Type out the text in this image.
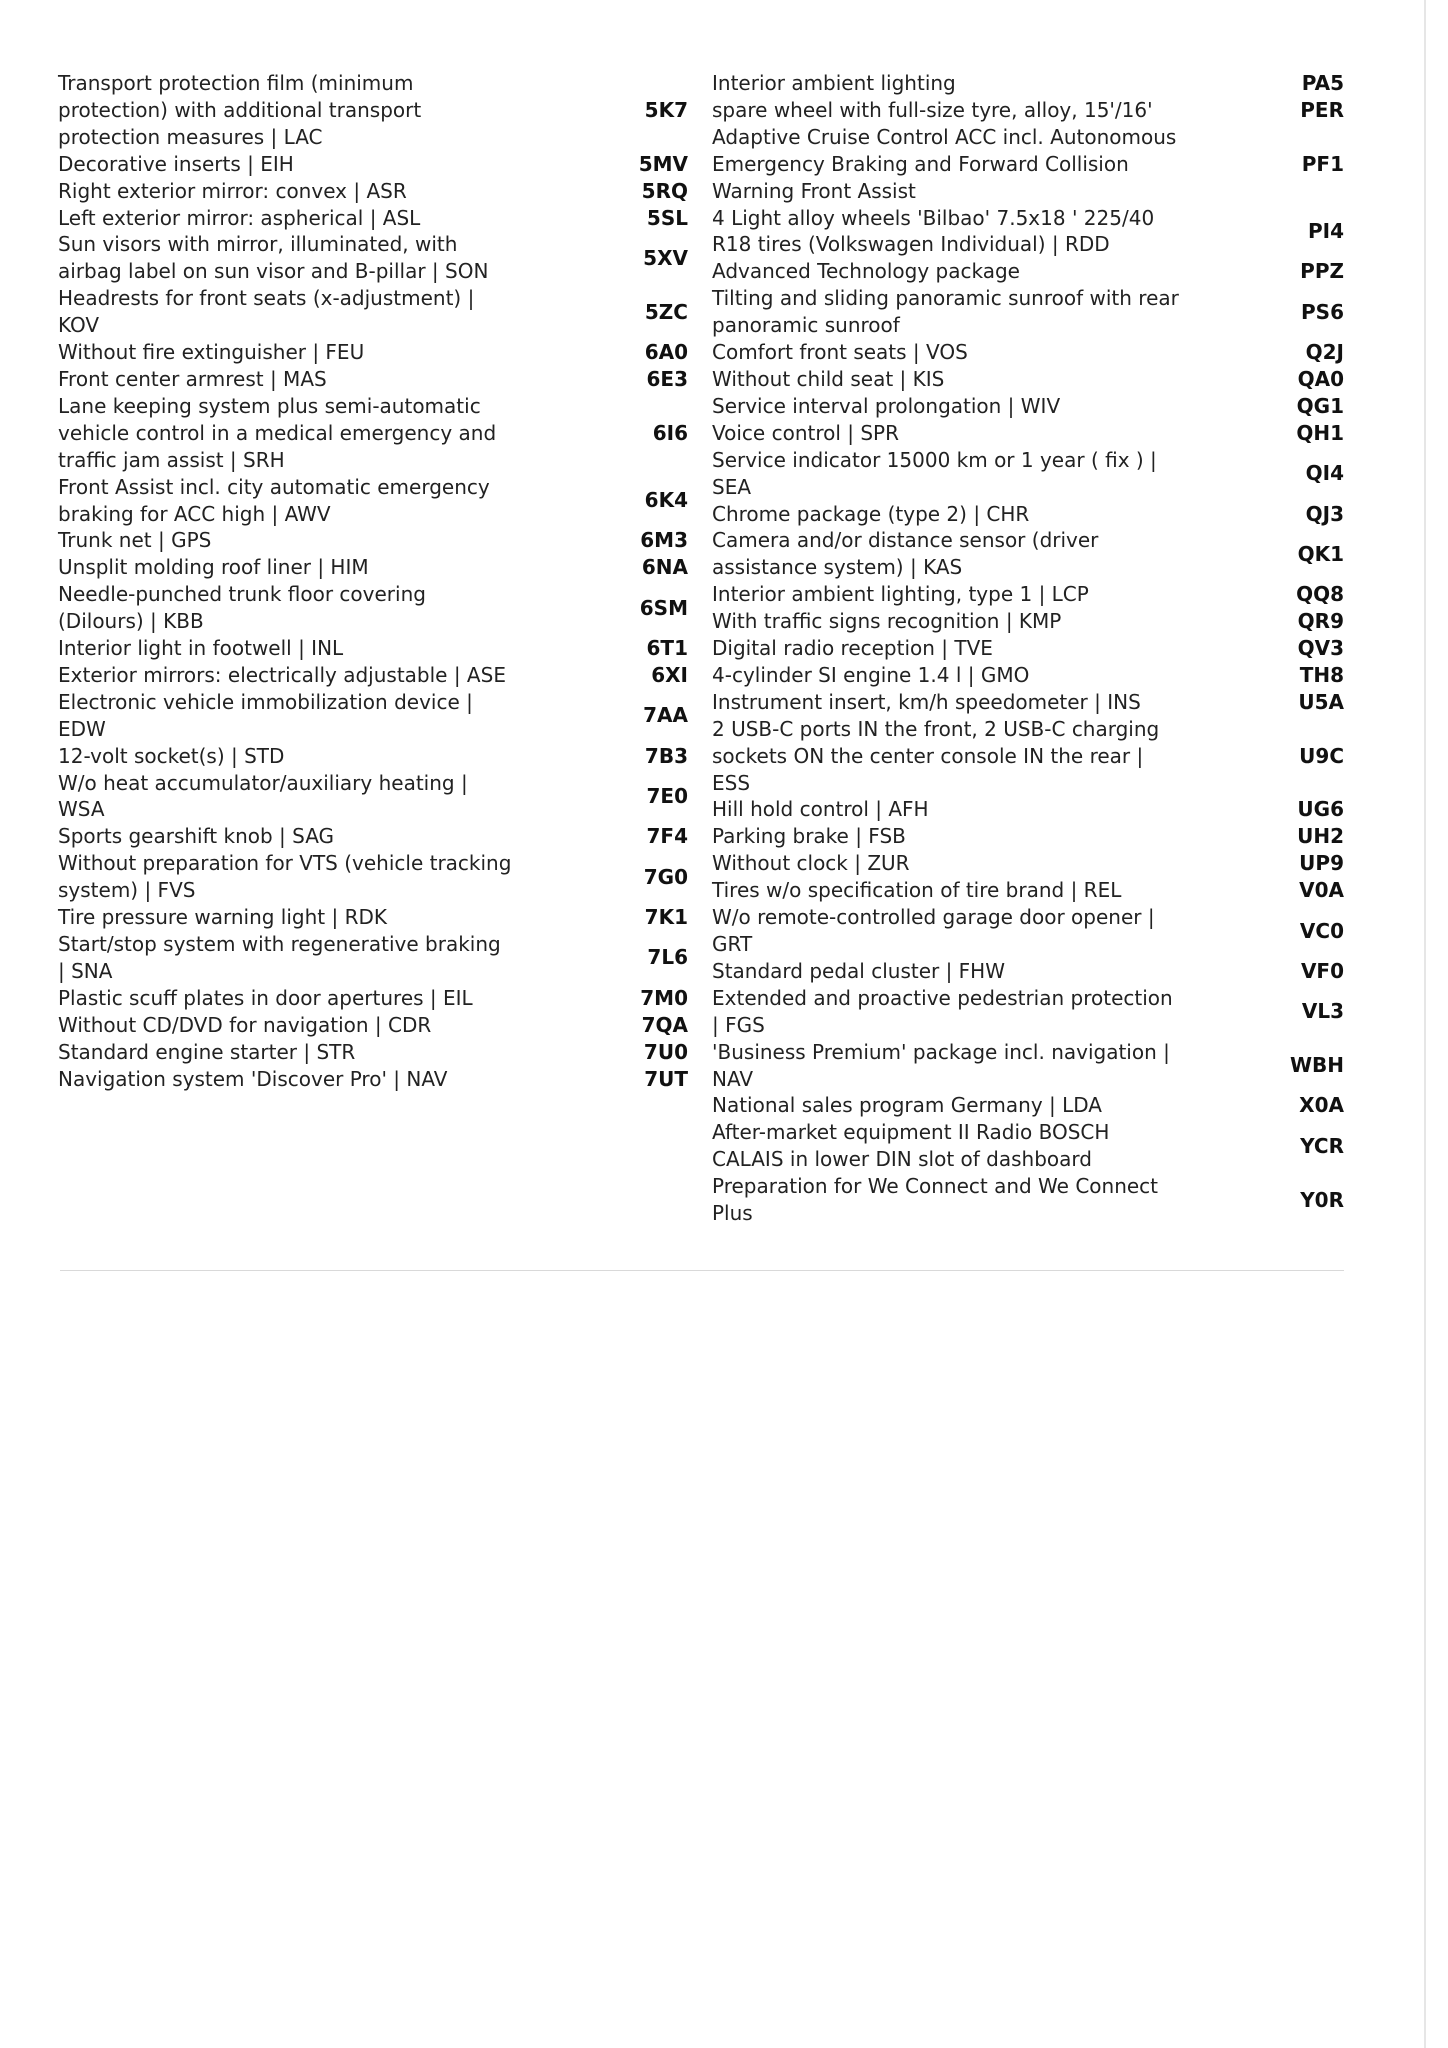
Transport protection film (minimum protection) with additional transport protection measures | LAC
5K7
Decorative inserts | EIH	5MV
Right exterior mirror: convex | ASR	5RQ
Left exterior mirror: aspherical | ASL	5SL
Sun visors with mirror, illuminated, with airbag label on sun visor and B-pillar | SON
5XV
Headrests for front seats (x-adjustment) | KOV
5ZC
Without fire extinguisher | FEU	6A0
Front center armrest | MAS	6E3
Lane keeping system plus semi-automatic vehicle control in a medical emergency and traffic jam assist | SRH
6I6
Front Assist incl. city automatic emergency braking for ACC high | AWV
6K4
Trunk net | GPS	6M3
Unsplit molding roof liner | HIM	6NA
Needle-punched trunk floor covering (Dilours) | KBB
6SM
Interior light in footwell | INL	6T1
Exterior mirrors: electrically adjustable | ASE	6XI
Electronic vehicle immobilization device | EDW
7AA
12-volt socket(s) | STD	7B3
W/o heat accumulator/auxiliary heating | WSA
7E0
Sports gearshift knob | SAG	7F4
Without preparation for VTS (vehicle tracking system) | FVS
7G0
Tire pressure warning light | RDK	7K1
Start/stop system with regenerative braking | SNA
7L6
Plastic scuff plates in door apertures | EIL	7M0
Without CD/DVD for navigation | CDR	7QA
Standard engine starter | STR	7U0
Navigation system 'Discover Pro' | NAV	7UT
Interior ambient lighting	PA5
spare wheel with full-size tyre, alloy, 15'/16'	PER
Adaptive Cruise Control ACC incl. Autonomous Emergency Braking and Forward Collision Warning Front Assist
PF1
4 Light alloy wheels 'Bilbao' 7.5x18 ' 225/40 R18 tires (Volkswagen Individual) | RDD
PI4
Advanced Technology package	PPZ
Tilting and sliding panoramic sunroof with rear panoramic sunroof
PS6
Comfort front seats | VOS	Q2J
Without child seat | KIS	QA0
Service interval prolongation | WIV	QG1
Voice control | SPR	QH1
Service indicator 15000 km or 1 year ( fix ) | SEA
QI4
Chrome package (type 2) | CHR	QJ3
Camera and/or distance sensor (driver assistance system) | KAS
QK1
Interior ambient lighting, type 1 | LCP	QQ8
With traffic signs recognition | KMP	QR9
Digital radio reception | TVE	QV3
4-cylinder SI engine 1.4 l | GMO	TH8
Instrument insert, km/h speedometer | INS	U5A
2 USB-C ports IN the front, 2 USB-C charging sockets ON the center console IN the rear | ESS
U9C
Hill hold control | AFH	UG6
Parking brake | FSB	UH2
Without clock | ZUR	UP9
Tires w/o specification of tire brand | REL	V0A
W/o remote-controlled garage door opener | GRT
VC0
Standard pedal cluster | FHW	VF0
Extended and proactive pedestrian protection | FGS
VL3
'Business Premium' package incl. navigation | NAV
WBH
National sales program Germany | LDA	X0A
After-market equipment II Radio BOSCH CALAIS in lower DIN slot of dashboard
YCR
Preparation for We Connect and We Connect Plus
Y0R
